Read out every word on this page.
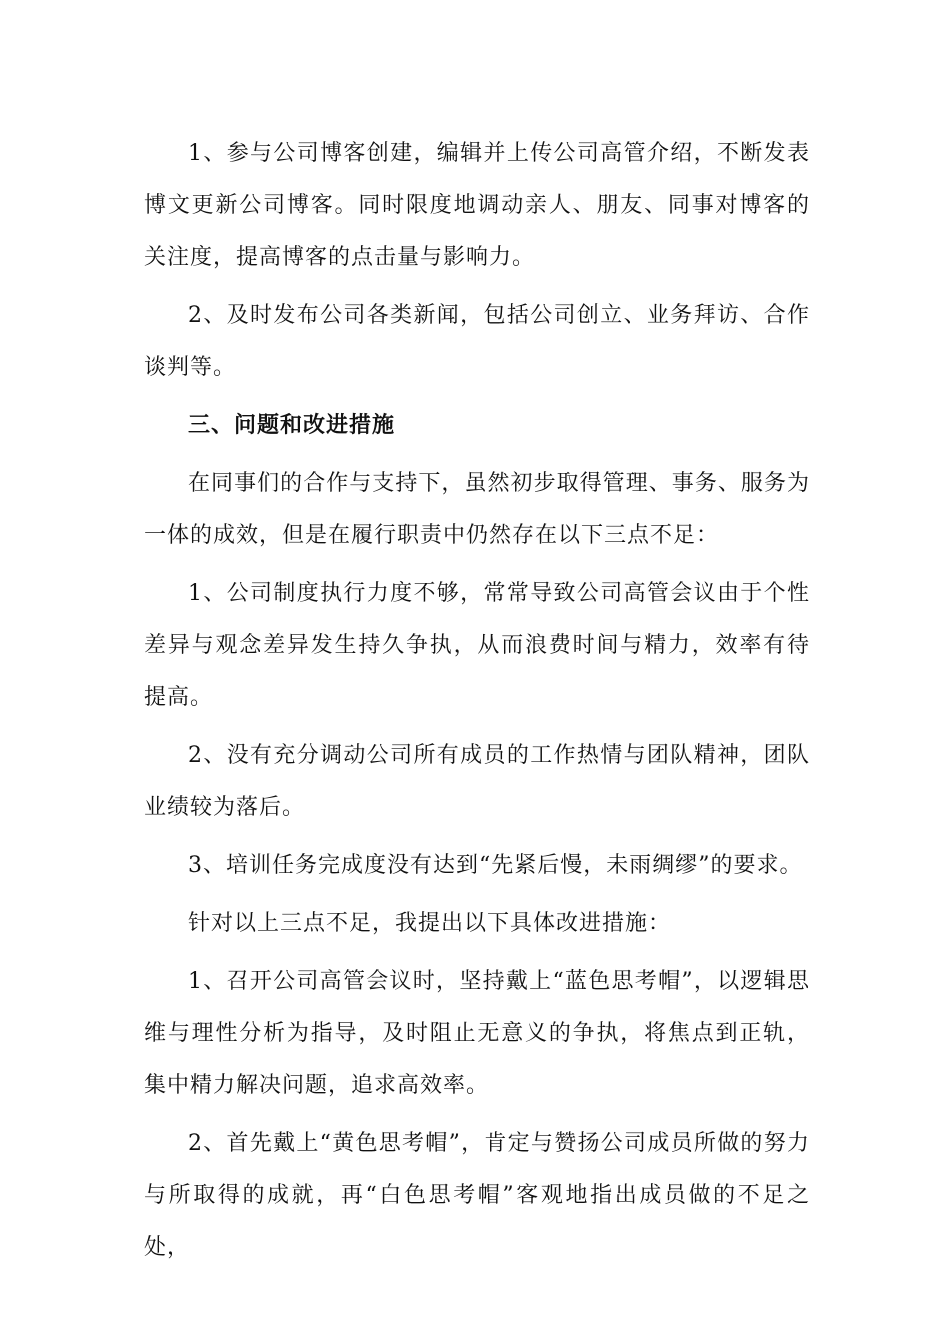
1、参与公司博客创建，编辑并上传公司高管介绍，不断发表博文更新公司博客。同时限度地调动亲人、朋友、同事对博客的关注度，提高博客的点击量与影响力。

2、及时发布公司各类新闻，包括公司创立、业务拜访、合作谈判等。

三、问题和改进措施

在同事们的合作与支持下，虽然初步取得管理、事务、服务为一体的成效，但是在履行职责中仍然存在以下三点不足：

1、公司制度执行力度不够，常常导致公司高管会议由于个性差异与观念差异发生持久争执，从而浪费时间与精力，效率有待提高。

2、没有充分调动公司所有成员的工作热情与团队精神，团队业绩较为落后。

3、培训任务完成度没有达到“先紧后慢，未雨绸缪”的要求。

针对以上三点不足，我提出以下具体改进措施：

1、召开公司高管会议时，坚持戴上“蓝色思考帽”，以逻辑思维与理性分析为指导，及时阻止无意义的争执，将焦点到正轨，集中精力解决问题，追求高效率。

2、首先戴上“黄色思考帽”，肯定与赞扬公司成员所做的努力与所取得的成就，再“白色思考帽”客观地指出成员做的不足之处，
